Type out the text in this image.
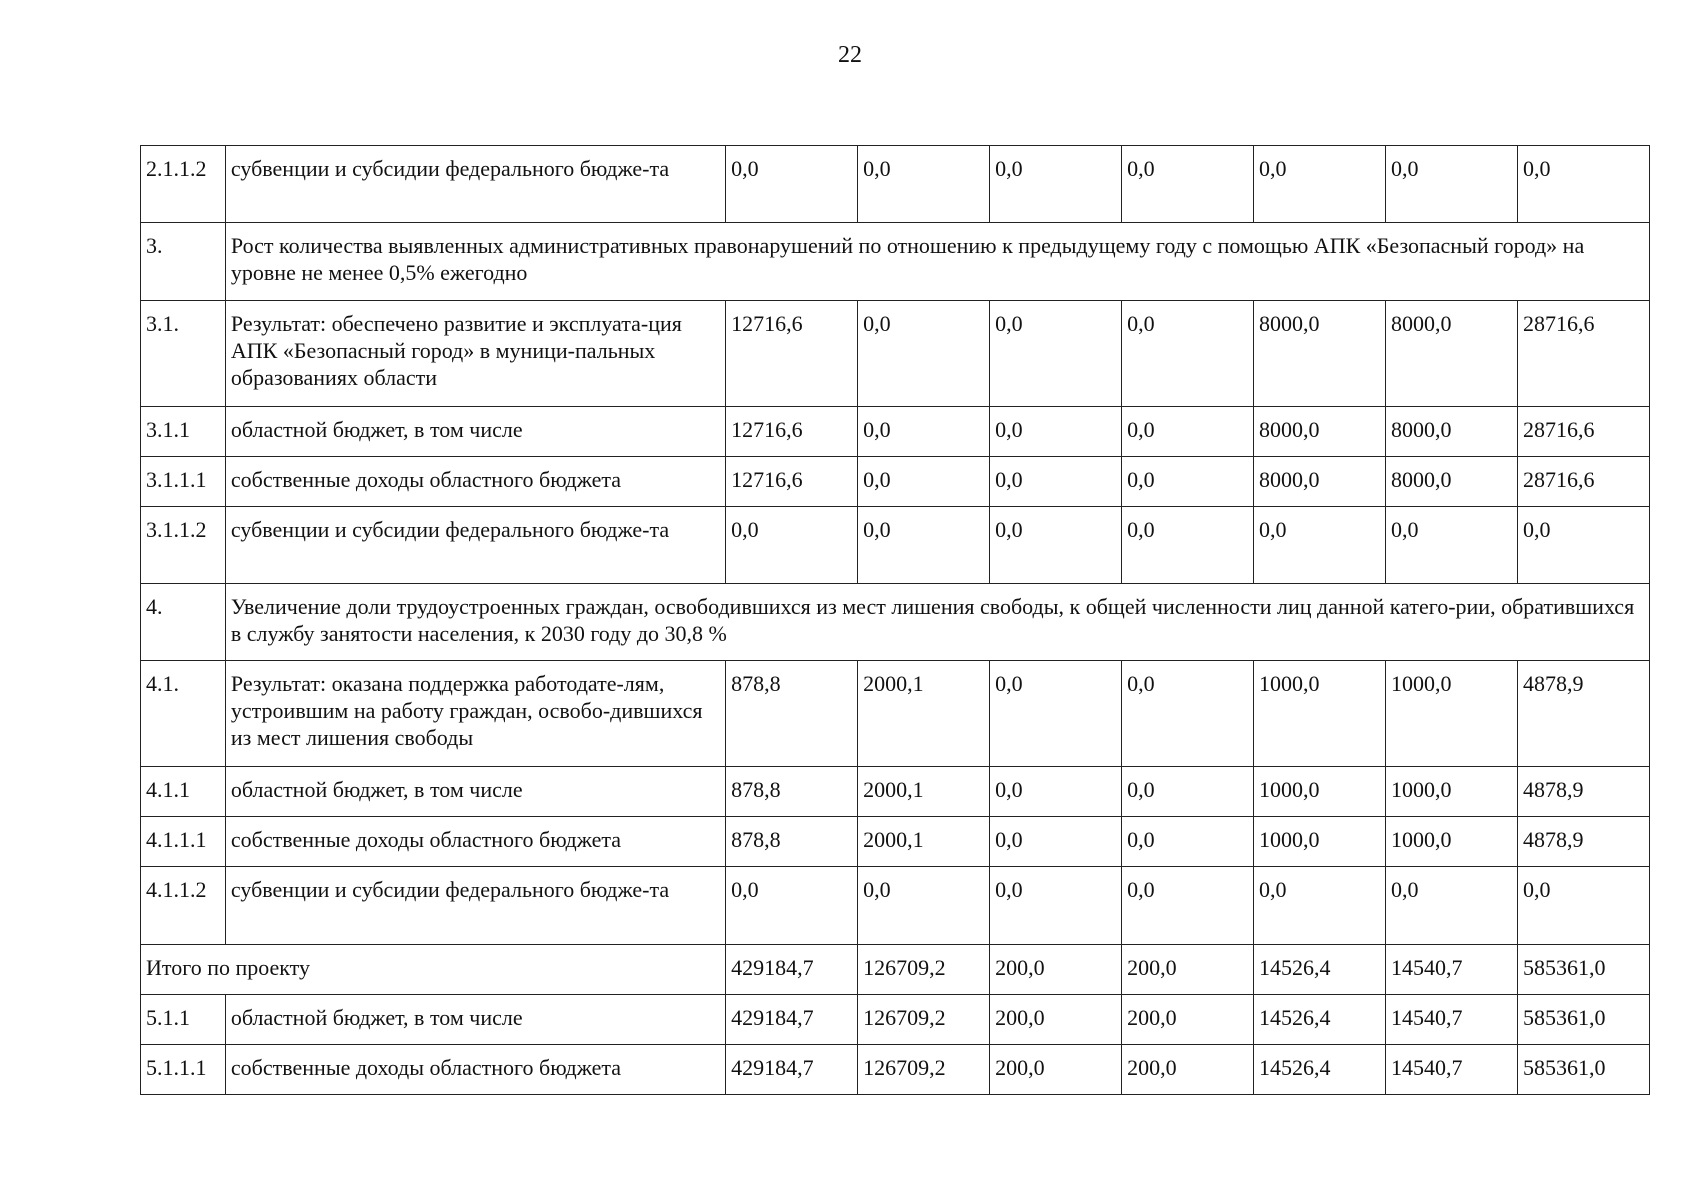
22
2.1.1.2	субвенции и субсидии федерального бюдже-та	0,0	0,0	0,0	0,0	0,0	0,0	0,0
3.	Рост количества выявленных административных правонарушений по отношению к предыдущему году с помощью АПК «Безопасный город» на уровне не менее 0,5% ежегодно							
3.1.	Результат: обеспечено развитие и эксплуата-ция АПК «Безопасный город» в муници-пальных образованиях области	12716,6	0,0	0,0	0,0	8000,0	8000,0	28716,6
3.1.1	областной бюджет, в том числе	12716,6	0,0	0,0	0,0	8000,0	8000,0	28716,6
3.1.1.1	собственные доходы областного бюджета	12716,6	0,0	0,0	0,0	8000,0	8000,0	28716,6
3.1.1.2	субвенции и субсидии федерального бюдже-та	0,0	0,0	0,0	0,0	0,0	0,0	0,0
4.	Увеличение доли трудоустроенных граждан, освободившихся из мест лишения свободы, к общей численности лиц данной катего-рии, обратившихся в службу занятости населения, к 2030 году до 30,8 %							
4.1.	Результат: оказана поддержка работодате-лям, устроившим на работу граждан, освобо-дившихся из мест лишения свободы	878,8	2000,1	0,0	0,0	1000,0	1000,0	4878,9
4.1.1	областной бюджет, в том числе	878,8	2000,1	0,0	0,0	1000,0	1000,0	4878,9
4.1.1.1	собственные доходы областного бюджета	878,8	2000,1	0,0	0,0	1000,0	1000,0	4878,9
4.1.1.2	субвенции и субсидии федерального бюдже-та	0,0	0,0	0,0	0,0	0,0	0,0	0,0
Итого по проекту		429184,7	126709,2	200,0	200,0	14526,4	14540,7	585361,0
5.1.1	областной бюджет, в том числе	429184,7	126709,2	200,0	200,0	14526,4	14540,7	585361,0
5.1.1.1	собственные доходы областного бюджета	429184,7	126709,2	200,0	200,0	14526,4	14540,7	585361,0
